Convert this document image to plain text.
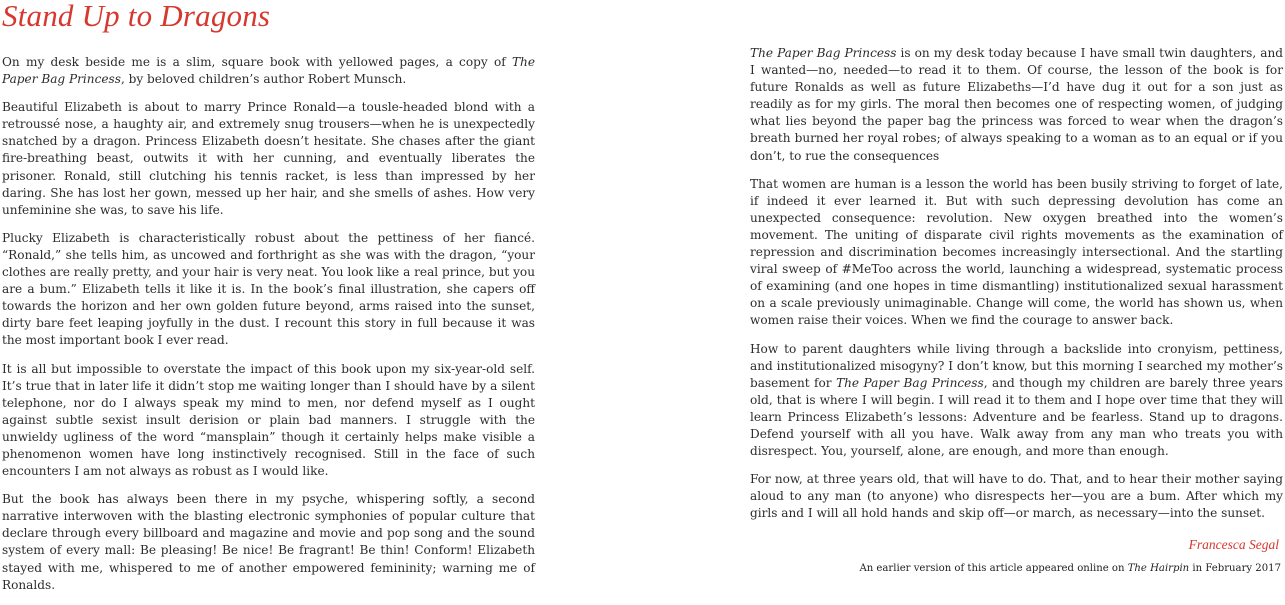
Stand Up to Dragons

On my desk beside me is a slim, square book with yellowed pages, a copy of The Paper Bag Princess, by beloved children’s author Robert Munsch.

Beautiful Elizabeth is about to marry Prince Ronald—a tousle-headed blond with a retroussé nose, a haughty air, and extremely snug trousers—when he is unexpectedly snatched by a dragon. Princess Elizabeth doesn’t hesitate. She chases after the giant fire-breathing beast, outwits it with her cunning, and eventually liberates the prisoner. Ronald, still clutching his tennis racket, is less than impressed by her daring. She has lost her gown, messed up her hair, and she smells of ashes. How very unfeminine she was, to save his life.

Plucky Elizabeth is characteristically robust about the pettiness of her fiancé. “Ronald,” she tells him, as uncowed and forthright as she was with the dragon, “your clothes are really pretty, and your hair is very neat. You look like a real prince, but you are a bum.” Elizabeth tells it like it is. In the book’s final illustration, she capers off towards the horizon and her own golden future beyond, arms raised into the sunset, dirty bare feet leaping joyfully in the dust. I recount this story in full because it was the most important book I ever read.

It is all but impossible to overstate the impact of this book upon my six-year-old self. It’s true that in later life it didn’t stop me waiting longer than I should have by a silent telephone, nor do I always speak my mind to men, nor defend myself as I ought against subtle sexist insult derision or plain bad manners. I struggle with the unwieldy ugliness of the word “mansplain” though it certainly helps make visible a phenomenon women have long instinctively recognised. Still in the face of such encounters I am not always as robust as I would like.

But the book has always been there in my psyche, whispering softly, a second narrative interwoven with the blasting electronic symphonies of popular culture that declare through every billboard and magazine and movie and pop song and the sound system of every mall: Be pleasing! Be nice! Be fragrant! Be thin! Conform! Elizabeth stayed with me, whispered to me of another empowered femininity; warning me of Ronalds.

The Paper Bag Princess is on my desk today because I have small twin daughters, and I wanted—no, needed—to read it to them. Of course, the lesson of the book is for future Ronalds as well as future Elizabeths—I’d have dug it out for a son just as readily as for my girls. The moral then becomes one of respecting women, of judging what lies beyond the paper bag the princess was forced to wear when the dragon’s breath burned her royal robes; of always speaking to a woman as to an equal or if you don’t, to rue the consequences

That women are human is a lesson the world has been busily striving to forget of late, if indeed it ever learned it. But with such depressing devolution has come an unexpected consequence: revolution. New oxygen breathed into the women’s movement. The uniting of disparate civil rights movements as the examination of repression and discrimination becomes increasingly intersectional. And the startling viral sweep of #MeToo across the world, launching a widespread, systematic process of examining (and one hopes in time dismantling) institutionalized sexual harassment on a scale previously unimaginable. Change will come, the world has shown us, when women raise their voices. When we find the courage to answer back.

How to parent daughters while living through a backslide into cronyism, pettiness, and institutionalized misogyny? I don’t know, but this morning I searched my mother’s basement for The Paper Bag Princess, and though my children are barely three years old, that is where I will begin. I will read it to them and I hope over time that they will learn Princess Elizabeth’s lessons: Adventure and be fearless. Stand up to dragons. Defend yourself with all you have. Walk away from any man who treats you with disrespect. You, yourself, alone, are enough, and more than enough.

For now, at three years old, that will have to do. That, and to hear their mother saying aloud to any man (to anyone) who disrespects her—you are a bum. After which my girls and I will all hold hands and skip off—or march, as necessary—into the sunset.

Francesca Segal
An earlier version of this article appeared online on The Hairpin in February 2017
